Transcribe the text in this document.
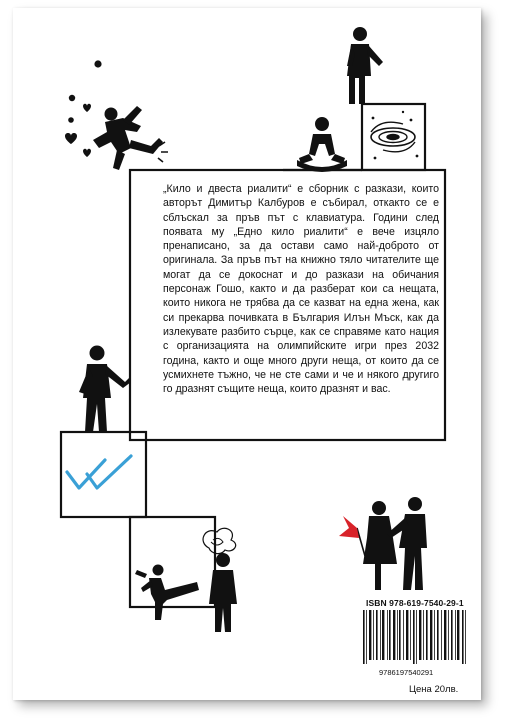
„Кило и двеста риалити“ е сборник с разкази, които авторът Димитър Калбуров е събирал, откакто се е сблъскал за пръв път с клавиатура. Години след появата му „Едно кило риалити“ е вече изцяло пренаписано, за да остави само най-доброто от оригинала. За пръв път на книжно тяло читателите ще могат да се докоснат и до разкази на обичания персонаж Гошо, както и да разберат кои са нещата, които никога не трябва да се казват на една жена, как си прекарва почивката в България Илън Мъск, как да излекувате разбито сърце, как се справяме като нация с организацията на олимпийските игри през 2032 година, както и още много други неща, от които да се усмихнете тъжно, че не сте сами и че и някого другиго го дразнят същите неща, които дразнят и вас.

ISBN 978-619-7540-29-1
9786197540291
Цена 20лв.
